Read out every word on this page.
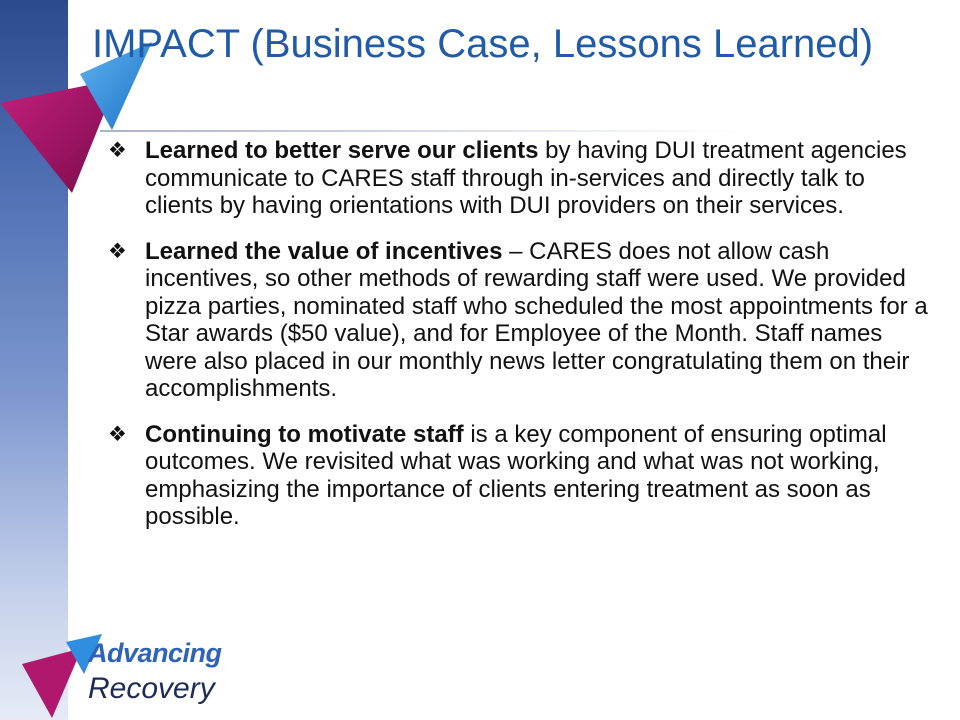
IMPACT (Business Case, Lessons Learned)
❖ Learned to better serve our clients by having DUI treatment agencies communicate to CARES staff through in-services and directly talk to clients by having orientations with DUI providers on their services.
❖ Learned the value of incentives – CARES does not allow cash incentives, so other methods of rewarding staff were used. We provided pizza parties, nominated staff who scheduled the most appointments for a Star awards ($50 value), and for Employee of the Month. Staff names were also placed in our monthly news letter congratulating them on their accomplishments.
❖ Continuing to motivate staff is a key component of ensuring optimal outcomes. We revisited what was working and what was not working, emphasizing the importance of clients entering treatment as soon as possible.

Advancing

Recovery
